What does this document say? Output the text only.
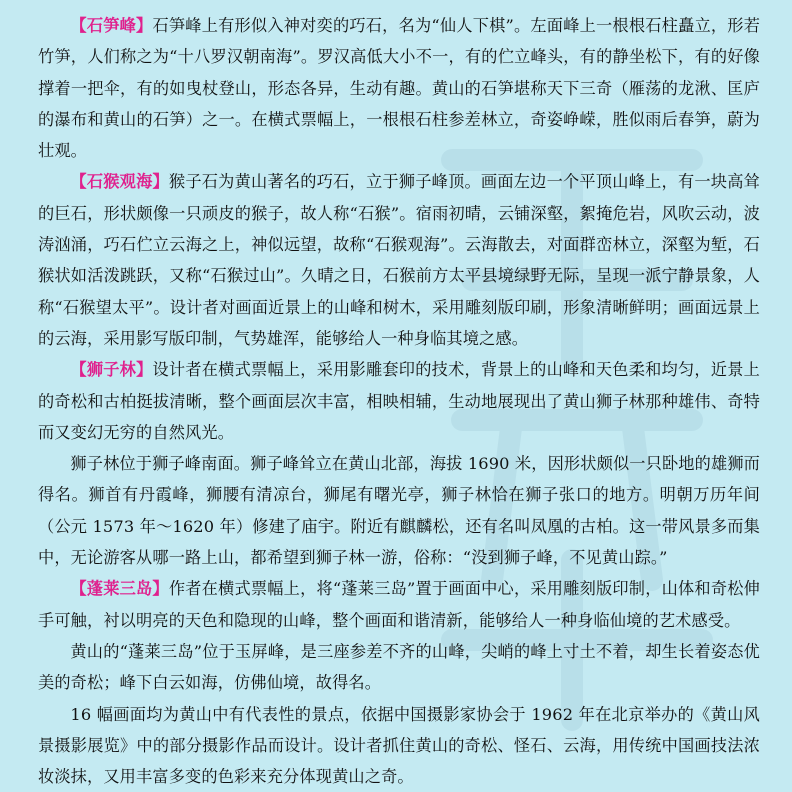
【石笋峰】石笋峰上有形似入神对奕的巧石，名为“仙人下棋”。左面峰上一根根石柱矗立，形若竹笋，人们称之为“十八罗汉朝南海”。罗汉高低大小不一，有的伫立峰头，有的静坐松下，有的好像撑着一把伞，有的如曳杖登山，形态各异，生动有趣。黄山的石笋堪称天下三奇（雁荡的龙湫、匡庐的瀑布和黄山的石笋）之一。在横式票幅上，一根根石柱参差林立，奇姿峥嵘，胜似雨后春笋，蔚为壮观。

【石猴观海】猴子石为黄山著名的巧石，立于狮子峰顶。画面左边一个平顶山峰上，有一块高耸的巨石，形状颇像一只顽皮的猴子，故人称“石猴”。宿雨初晴，云铺深壑，絮掩危岩，风吹云动，波涛汹涌，巧石伫立云海之上，神似远望，故称“石猴观海”。云海散去，对面群峦林立，深壑为堑，石猴状如活泼跳跃，又称“石猴过山”。久晴之日，石猴前方太平县境绿野无际，呈现一派宁静景象，人称“石猴望太平”。设计者对画面近景上的山峰和树木，采用雕刻版印刷，形象清晰鲜明；画面远景上的云海，采用影写版印制，气势雄浑，能够给人一种身临其境之感。

【狮子林】设计者在横式票幅上，采用影雕套印的技术，背景上的山峰和天色柔和均匀，近景上的奇松和古柏挺拔清晰，整个画面层次丰富，相映相辅，生动地展现出了黄山狮子林那种雄伟、奇特而又变幻无穷的自然风光。

狮子林位于狮子峰南面。狮子峰耸立在黄山北部，海拔 1690 米，因形状颇似一只卧地的雄狮而得名。狮首有丹霞峰，狮腰有清凉台，狮尾有曙光亭，狮子林恰在狮子张口的地方。明朝万历年间（公元 1573 年～1620 年）修建了庙宇。附近有麒麟松，还有名叫凤凰的古柏。这一带风景多而集中，无论游客从哪一路上山，都希望到狮子林一游，俗称：“没到狮子峰，不见黄山踪。”

【蓬莱三岛】作者在横式票幅上，将“蓬莱三岛”置于画面中心，采用雕刻版印制，山体和奇松伸手可触，衬以明亮的天色和隐现的山峰，整个画面和谐清新，能够给人一种身临仙境的艺术感受。

黄山的“蓬莱三岛”位于玉屏峰，是三座参差不齐的山峰，尖峭的峰上寸土不着，却生长着姿态优美的奇松；峰下白云如海，仿佛仙境，故得名。

16 幅画面均为黄山中有代表性的景点，依据中国摄影家协会于 1962 年在北京举办的《黄山风景摄影展览》中的部分摄影作品而设计。设计者抓住黄山的奇松、怪石、云海，用传统中国画技法浓妆淡抹，又用丰富多变的色彩来充分体现黄山之奇。
